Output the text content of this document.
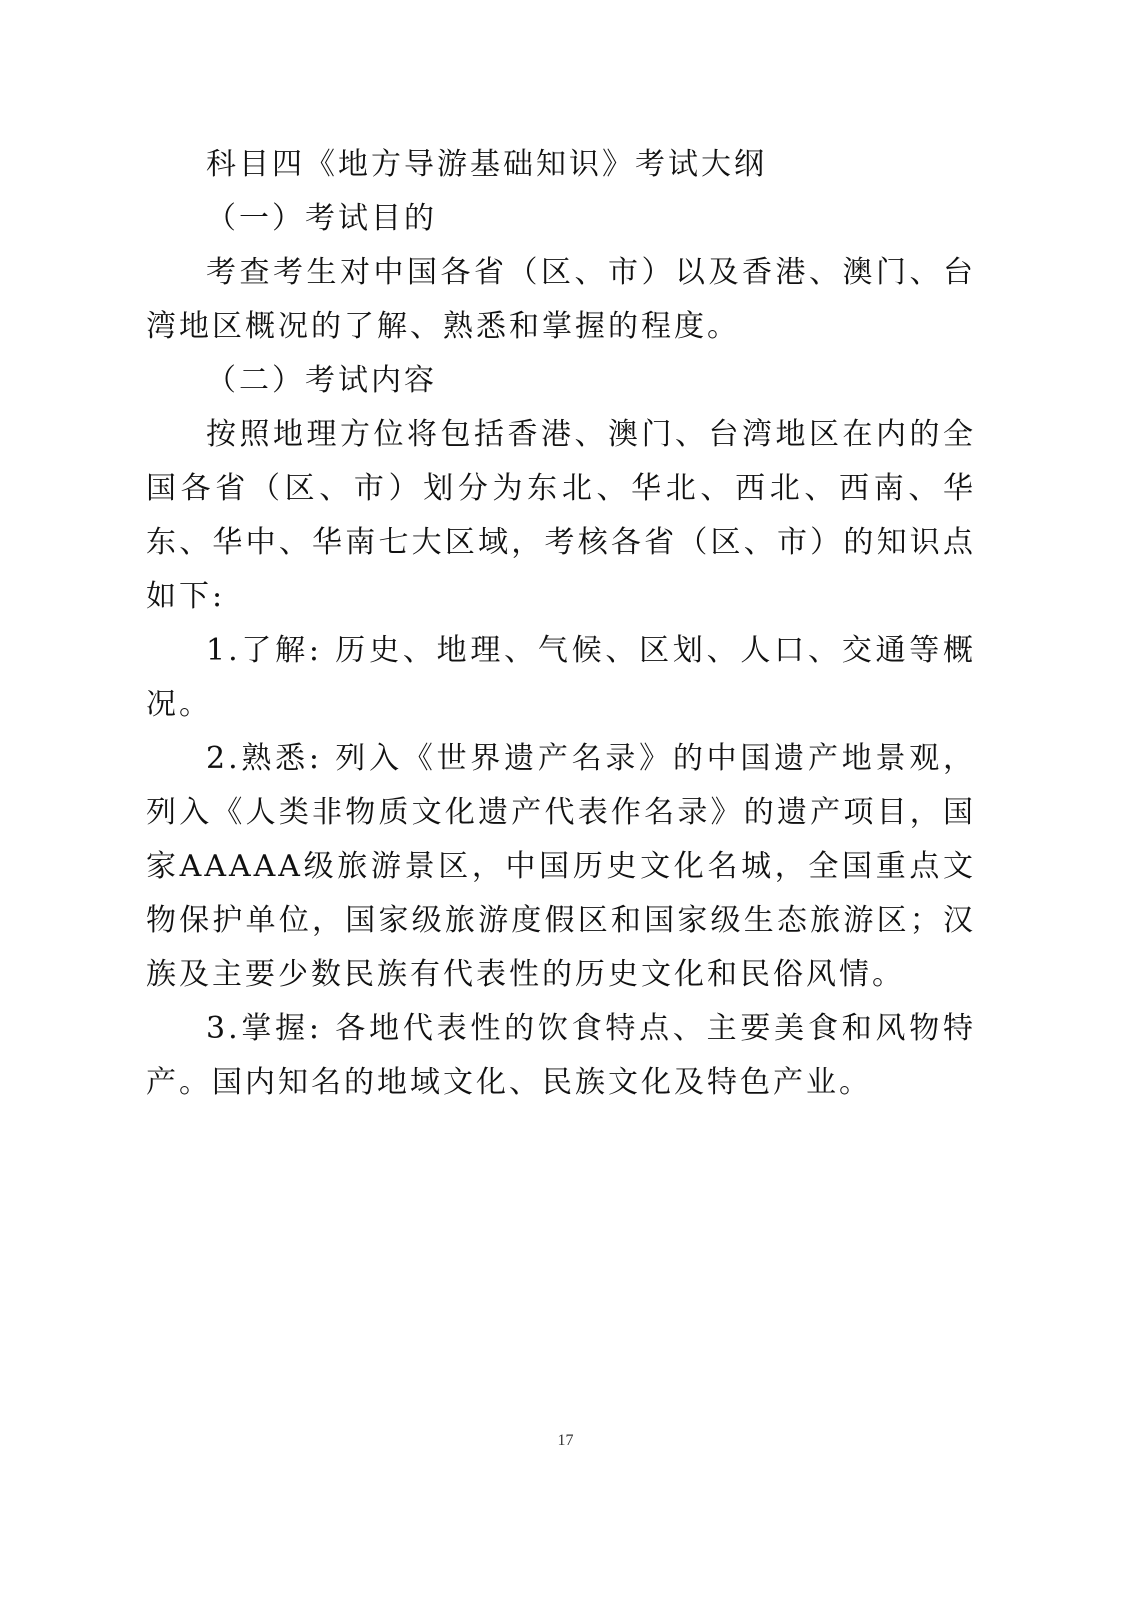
科目四《地方导游基础知识》考试大纲

（一）考试目的

考查考生对中国各省（区、市）以及香港、澳门、台湾地区概况的了解、熟悉和掌握的程度。

（二）考试内容

按照地理方位将包括香港、澳门、台湾地区在内的全国各省（区、市）划分为东北、华北、西北、西南、华东、华中、华南七大区域，考核各省（区、市）的知识点如下:

1.了解: 历史、地理、气候、区划、人口、交通等概况。

2.熟悉: 列入《世界遗产名录》的中国遗产地景观，列入《人类非物质文化遗产代表作名录》的遗产项目，国家AAAAA级旅游景区，中国历史文化名城，全国重点文物保护单位，国家级旅游度假区和国家级生态旅游区；汉族及主要少数民族有代表性的历史文化和民俗风情。

3.掌握: 各地代表性的饮食特点、主要美食和风物特产。国内知名的地域文化、民族文化及特色产业。

17
